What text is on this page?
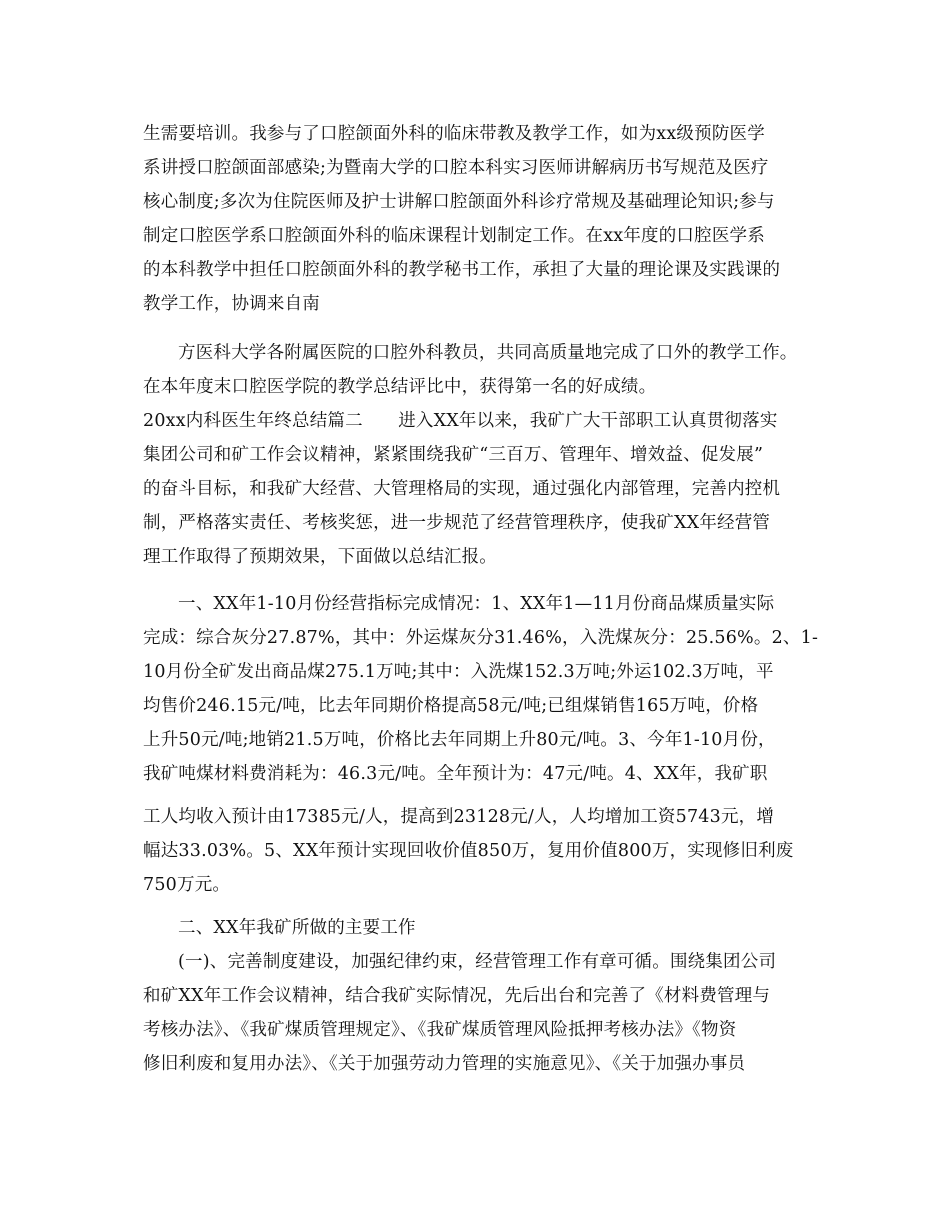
生需要培训。我参与了口腔颌面外科的临床带教及教学工作，如为xx级预防医学
系讲授口腔颌面部感染;为暨南大学的口腔本科实习医师讲解病历书写规范及医疗
核心制度;多次为住院医师及护士讲解口腔颌面外科诊疗常规及基础理论知识;参与
制定口腔医学系口腔颌面外科的临床课程计划制定工作。在xx年度的口腔医学系
的本科教学中担任口腔颌面外科的教学秘书工作，承担了大量的理论课及实践课的
教学工作，协调来自南
方医科大学各附属医院的口腔外科教员，共同高质量地完成了口外的教学工作。
在本年度末口腔医学院的教学总结评比中，获得第一名的好成绩。
20xx内科医生年终总结篇二　　进入XX年以来，我矿广大干部职工认真贯彻落实
集团公司和矿工作会议精神，紧紧围绕我矿“三百万、管理年、增效益、促发展”
的奋斗目标，和我矿大经营、大管理格局的实现，通过强化内部管理，完善内控机
制，严格落实责任、考核奖惩，进一步规范了经营管理秩序，使我矿XX年经营管
理工作取得了预期效果，下面做以总结汇报。
一、XX年1-10月份经营指标完成情况：1、XX年1—11月份商品煤质量实际
完成：综合灰分27.87%，其中：外运煤灰分31.46%，入洗煤灰分：25.56%。2、1-
10月份全矿发出商品煤275.1万吨;其中：入洗煤152.3万吨;外运102.3万吨，平
均售价246.15元/吨，比去年同期价格提高58元/吨;已组煤销售165万吨，价格
上升50元/吨;地销21.5万吨，价格比去年同期上升80元/吨。3、今年1-10月份，
我矿吨煤材料费消耗为：46.3元/吨。全年预计为：47元/吨。4、XX年，我矿职
工人均收入预计由17385元/人，提高到23128元/人，人均增加工资5743元，增
幅达33.03%。5、XX年预计实现回收价值850万，复用价值800万，实现修旧利废
750万元。
二、XX年我矿所做的主要工作
(一)、完善制度建设，加强纪律约束，经营管理工作有章可循。围绕集团公司
和矿XX年工作会议精神，结合我矿实际情况，先后出台和完善了《材料费管理与
考核办法》、《我矿煤质管理规定》、《我矿煤质管理风险抵押考核办法》《物资
修旧利废和复用办法》、《关于加强劳动力管理的实施意见》、《关于加强办事员
